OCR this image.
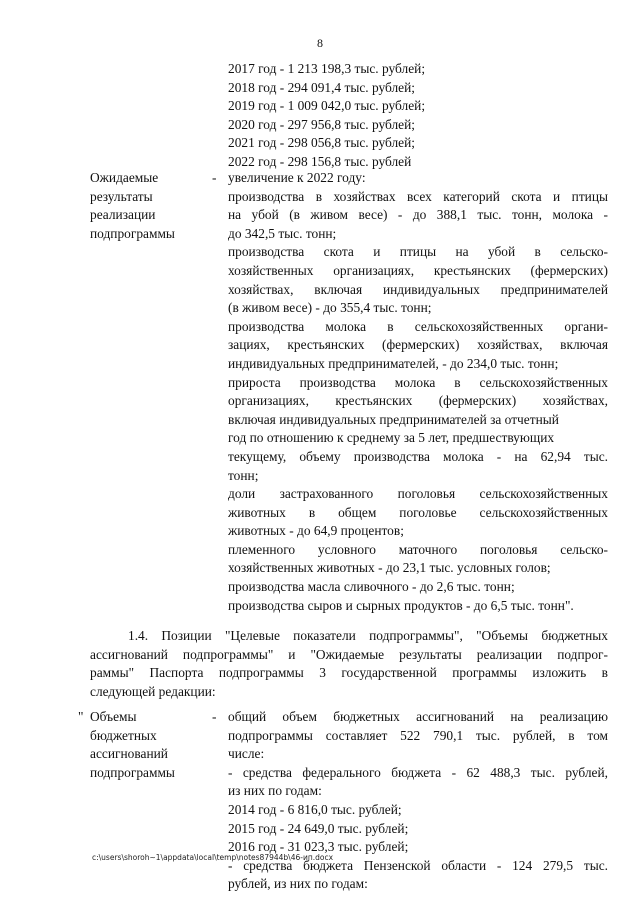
8
2017 год - 1 213 198,3 тыс. рублей;
2018 год - 294 091,4 тыс. рублей;
2019 год - 1 009 042,0 тыс. рублей;
2020 год - 297 956,8 тыс. рублей;
2021 год - 298 056,8 тыс. рублей;
2022 год - 298 156,8 тыс. рублей
Ожидаемые
результаты
реализации
подпрограммы
- увеличение к 2022 году:
производства в хозяйствах всех категорий скота и птицы
на убой (в живом весе) - до 388,1 тыс. тонн, молока -
до 342,5 тыс. тонн;
производства скота и птицы на убой в сельско-
хозяйственных организациях, крестьянских (фермерских)
хозяйствах, включая индивидуальных предпринимателей
(в живом весе) - до 355,4 тыс. тонн;
производства молока в сельскохозяйственных органи-
зациях, крестьянских (фермерских) хозяйствах, включая
индивидуальных предпринимателей, - до 234,0 тыс. тонн;
прироста производства молока в сельскохозяйственных
организациях, крестьянских (фермерских) хозяйствах,
включая индивидуальных предпринимателей за отчетный
год по отношению к среднему за 5 лет, предшествующих
текущему, объему производства молока - на 62,94 тыс.
тонн;
доли застрахованного поголовья сельскохозяйственных
животных в общем поголовье сельскохозяйственных
животных - до 64,9 процентов;
племенного условного маточного поголовья сельско-
хозяйственных животных - до 23,1 тыс. условных голов;
производства масла сливочного - до 2,6 тыс. тонн;
производства сыров и сырных продуктов - до 6,5 тыс. тонн".
1.4. Позиции "Целевые показатели подпрограммы", "Объемы бюджетных
ассигнований подпрограммы" и "Ожидаемые результаты реализации подпрог-
раммы" Паспорта подпрограммы 3 государственной программы изложить в
следующей редакции:
" Объемы
бюджетных
ассигнований
подпрограммы
- общий объем бюджетных ассигнований на реализацию
подпрограммы составляет 522 790,1 тыс. рублей, в том
числе:
- средства федерального бюджета - 62 488,3 тыс. рублей,
из них по годам:
2014 год - 6 816,0 тыс. рублей;
2015 год - 24 649,0 тыс. рублей;
2016 год - 31 023,3 тыс. рублей;
- средства бюджета Пензенской области - 124 279,5 тыс.
рублей, из них по годам:
c:\users\shoroh~1\appdata\local\temp\notes87944b\46-ип.docx
